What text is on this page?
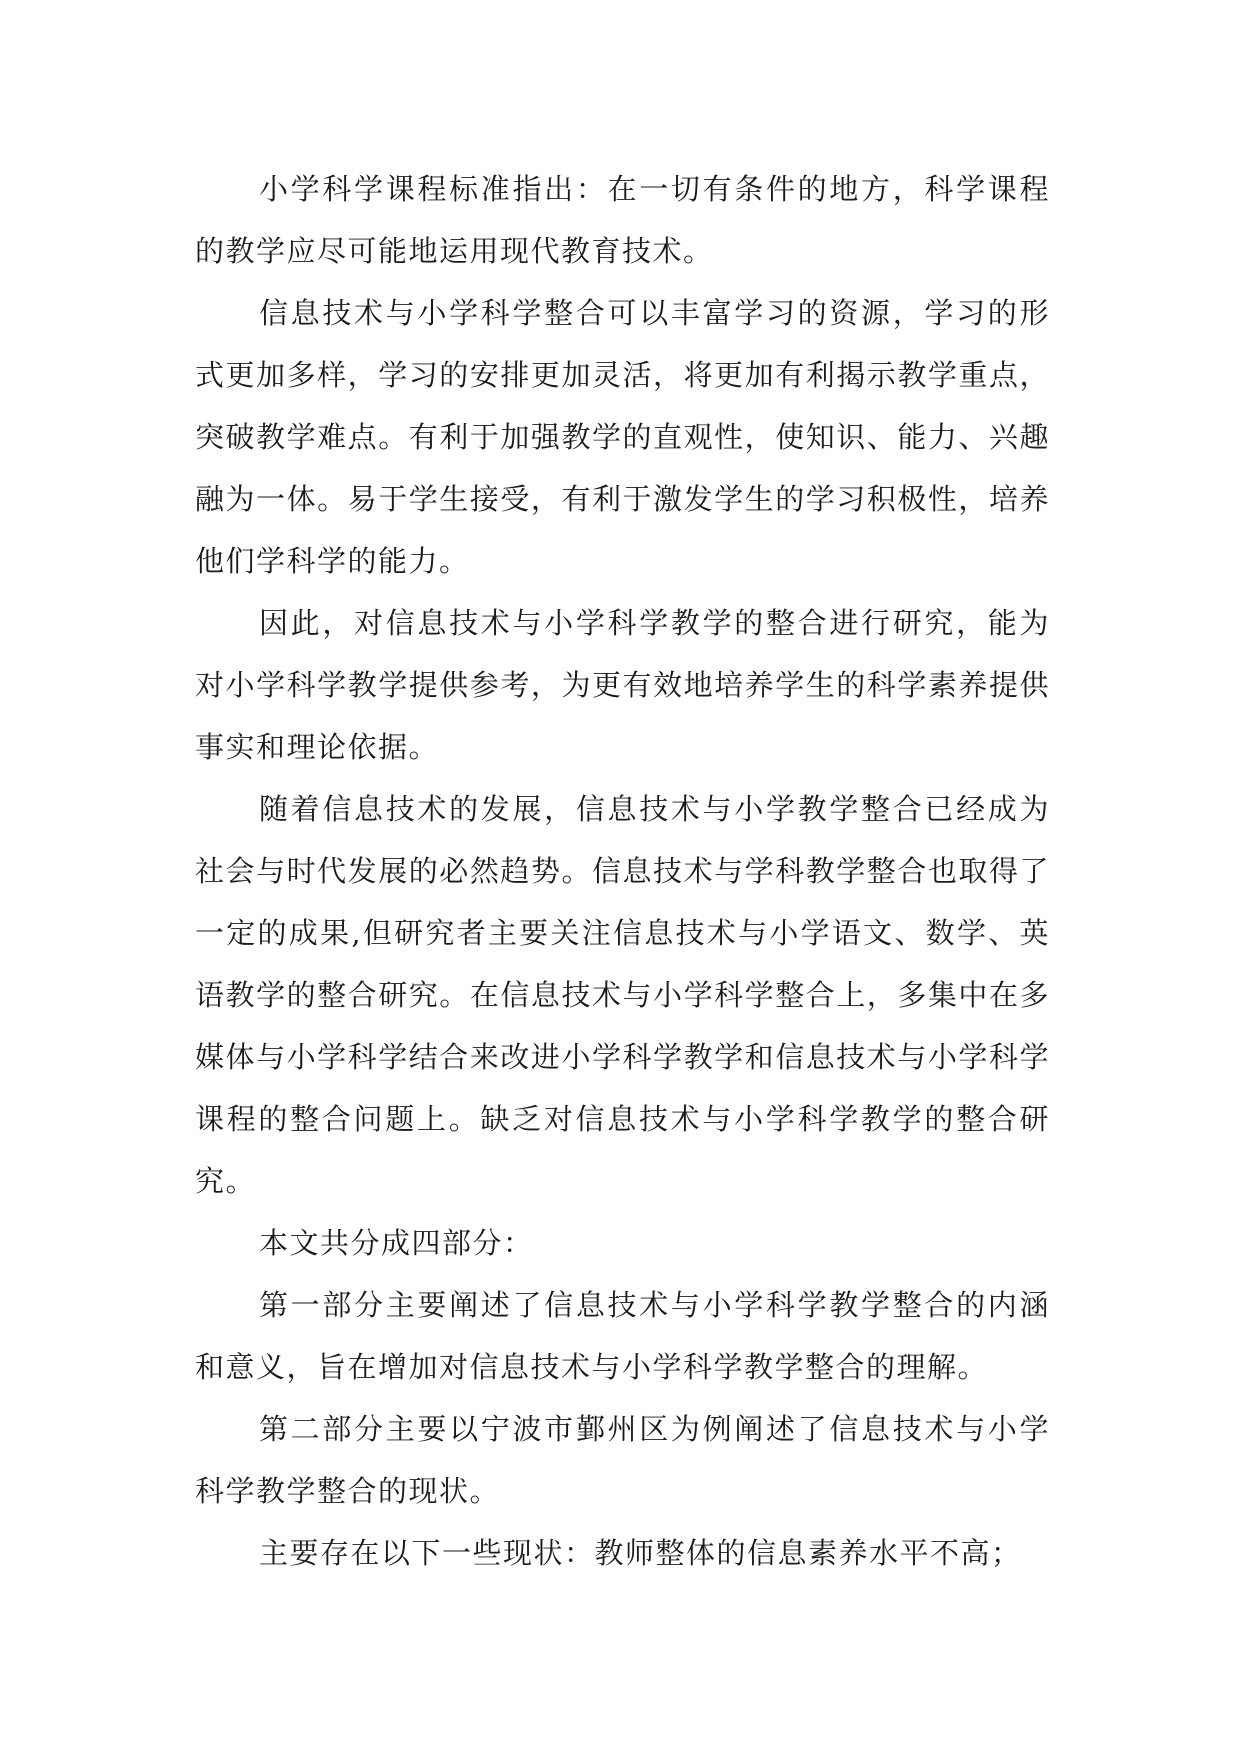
小学科学课程标准指出：在一切有条件的地方，科学课程的教学应尽可能地运用现代教育技术。

信息技术与小学科学整合可以丰富学习的资源，学习的形式更加多样，学习的安排更加灵活，将更加有利揭示教学重点，突破教学难点。有利于加强教学的直观性，使知识、能力、兴趣融为一体。易于学生接受，有利于激发学生的学习积极性，培养他们学科学的能力。

因此，对信息技术与小学科学教学的整合进行研究，能为对小学科学教学提供参考，为更有效地培养学生的科学素养提供事实和理论依据。

随着信息技术的发展，信息技术与小学教学整合已经成为社会与时代发展的必然趋势。信息技术与学科教学整合也取得了一定的成果,但研究者主要关注信息技术与小学语文、数学、英语教学的整合研究。在信息技术与小学科学整合上，多集中在多媒体与小学科学结合来改进小学科学教学和信息技术与小学科学课程的整合问题上。缺乏对信息技术与小学科学教学的整合研究。

本文共分成四部分：

第一部分主要阐述了信息技术与小学科学教学整合的内涵和意义，旨在增加对信息技术与小学科学教学整合的理解。

第二部分主要以宁波市鄞州区为例阐述了信息技术与小学科学教学整合的现状。

主要存在以下一些现状：教师整体的信息素养水平不高；
